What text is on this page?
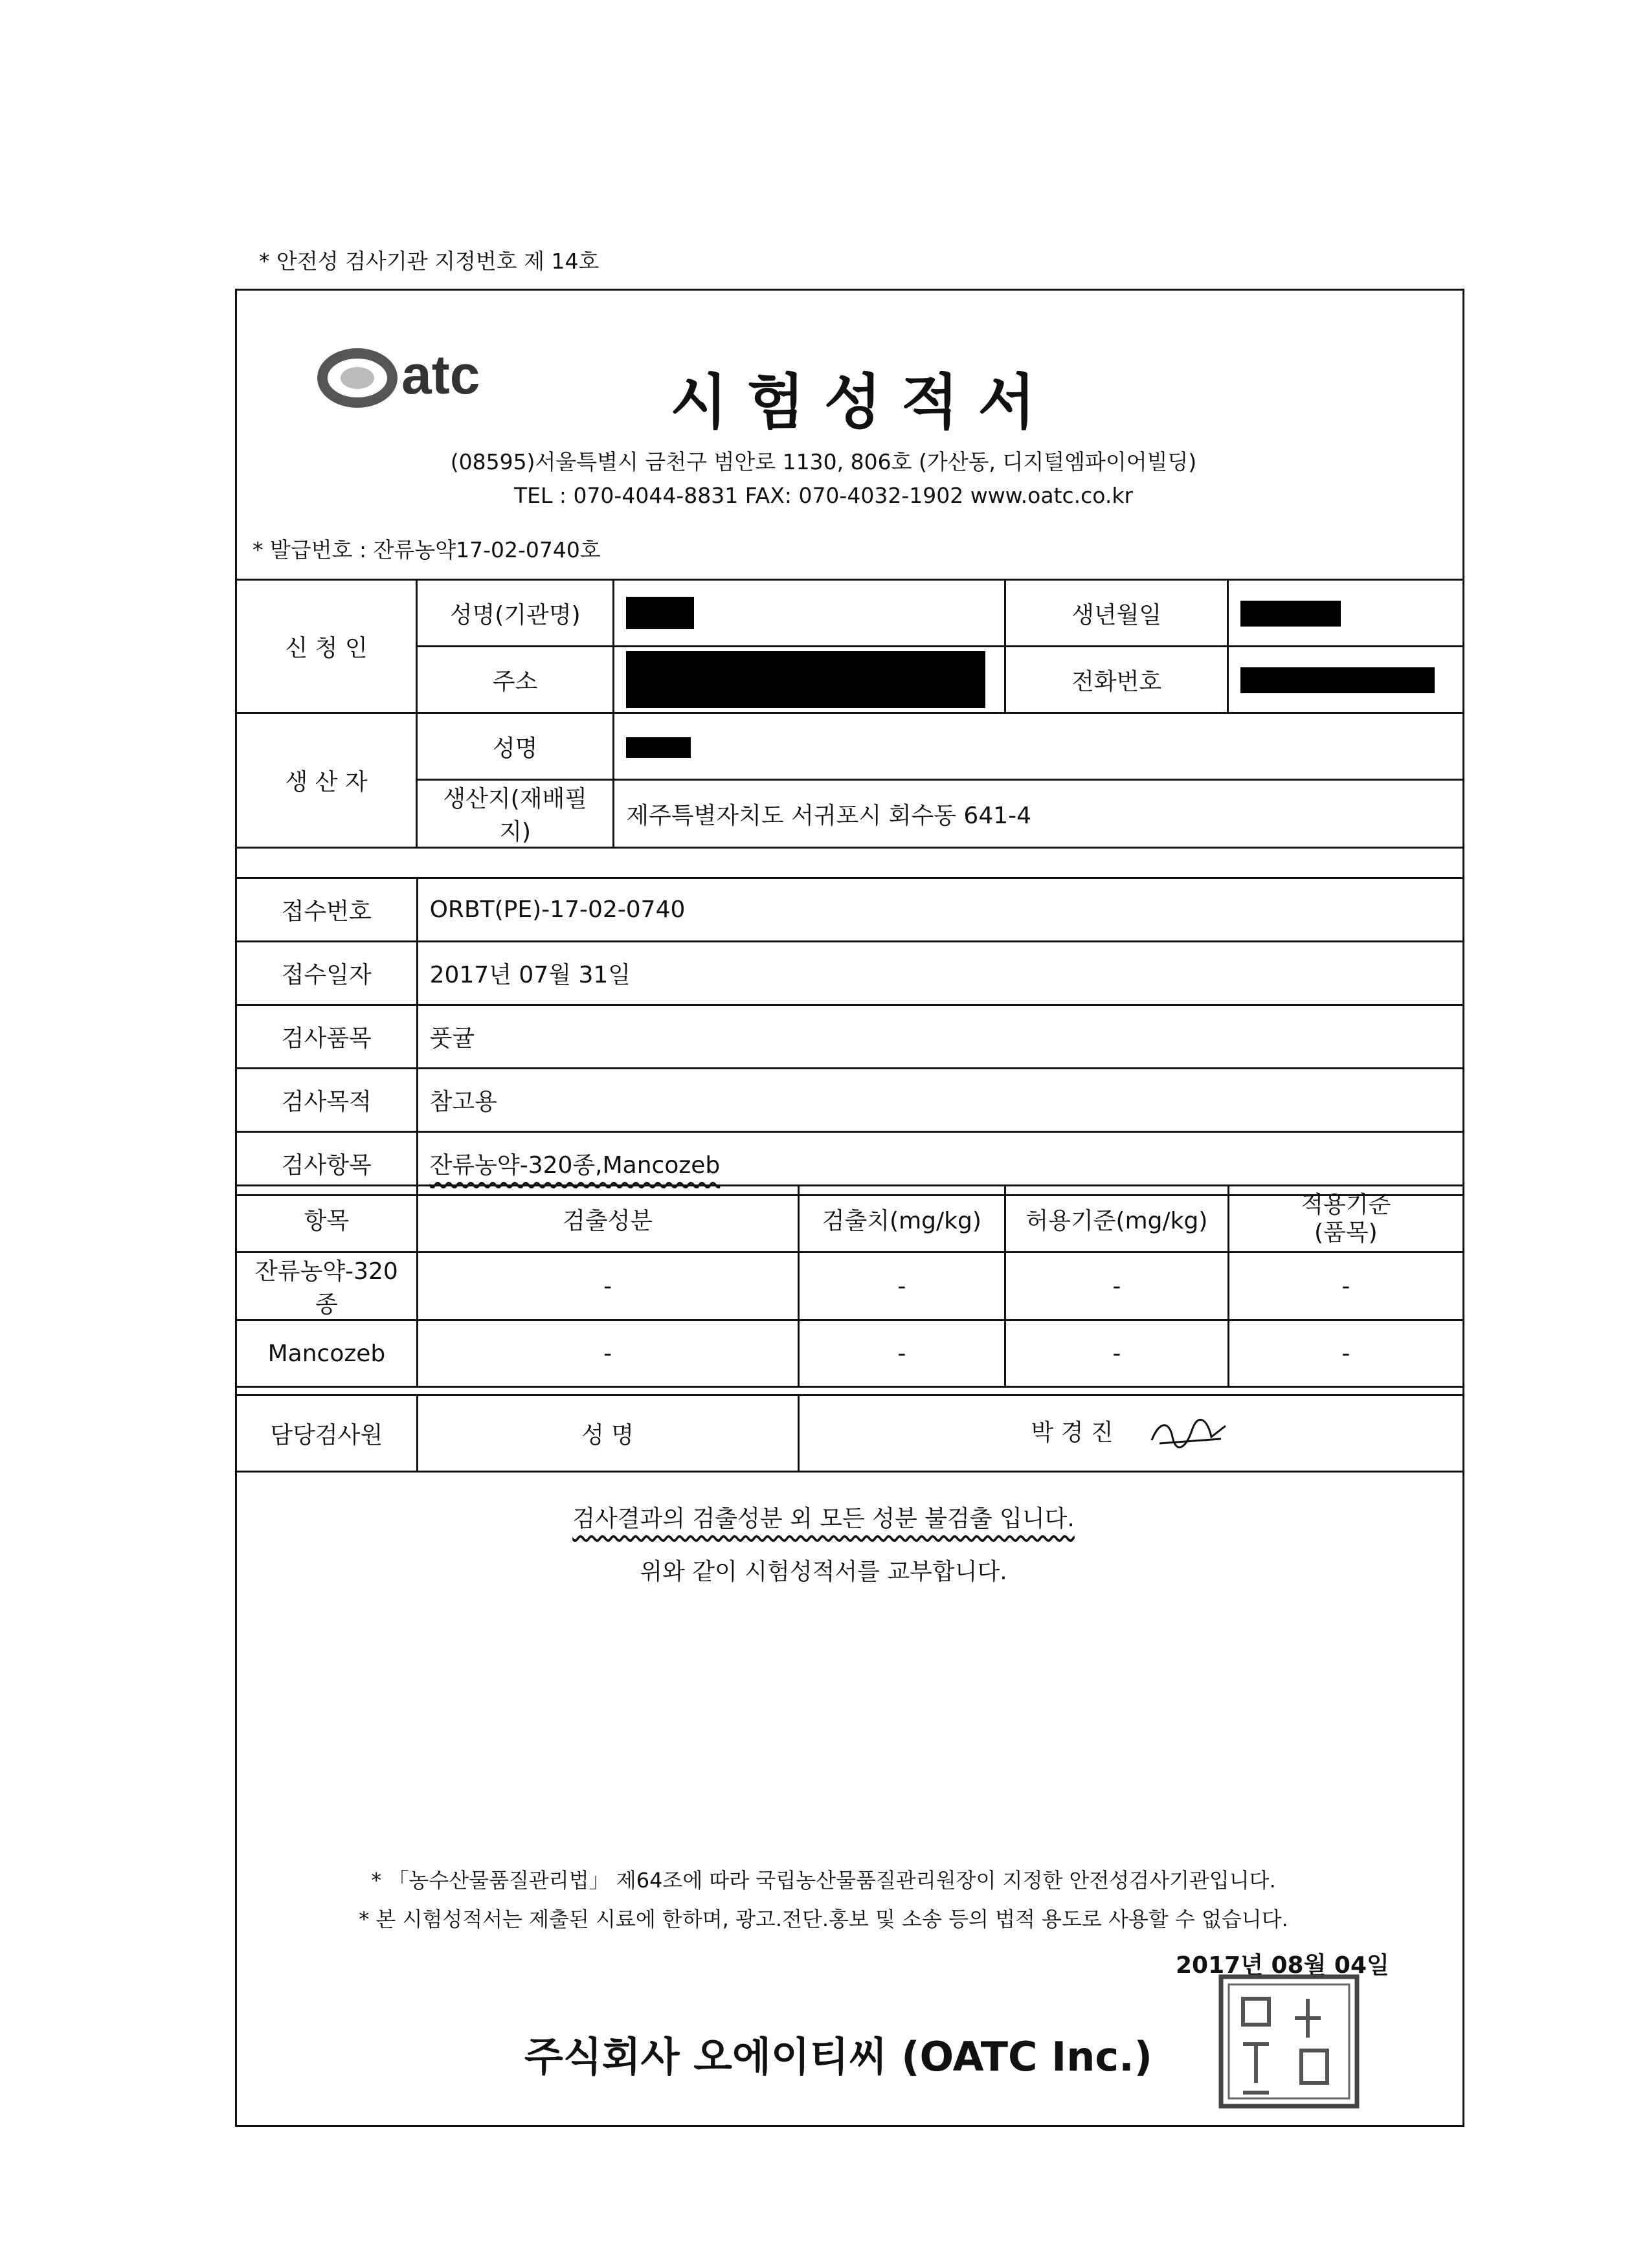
* 안전성 검사기관 지정번호 제 14호
atc	시험성적서
(08595)서울특별시 금천구 범안로 1130, 806호 (가산동, 디지털엠파이어빌딩)
TEL : 070-4044-8831 FAX: 070-4032-1902 www.oatc.co.kr
* 발급번호 : 잔류농약17-02-0740호
신 청 인	성명(기관명)		생년월일	
	주소		전화번호	
생 산 자	성명			
	생산지(재배필지)	제주특별자치도 서귀포시 회수동 641-4		
접수번호	ORBT(PE)-17-02-0740
접수일자	2017년 07월 31일
검사품목	풋귤
검사목적	참고용
검사항목	잔류농약-320종,Mancozeb
항목	검출성분	검출치(mg/kg)	허용기준(mg/kg)	적용기준
(품목)
잔류농약-320종	-	-	-	-
Mancozeb	-	-	-	-
담당검사원	성 명	박 경 진
검사결과의 검출성분 외 모든 성분 불검출 입니다.
위와 같이 시험성적서를 교부합니다.
* 「농수산물품질관리법」 제64조에 따라 국립농산물품질관리원장이 지정한 안전성검사기관입니다.
* 본 시험성적서는 제출된 시료에 한하며, 광고.전단.홍보 및 소송 등의 법적 용도로 사용할 수 없습니다.
2017년 08월 04일
주식회사 오에이티씨 (OATC Inc.)
